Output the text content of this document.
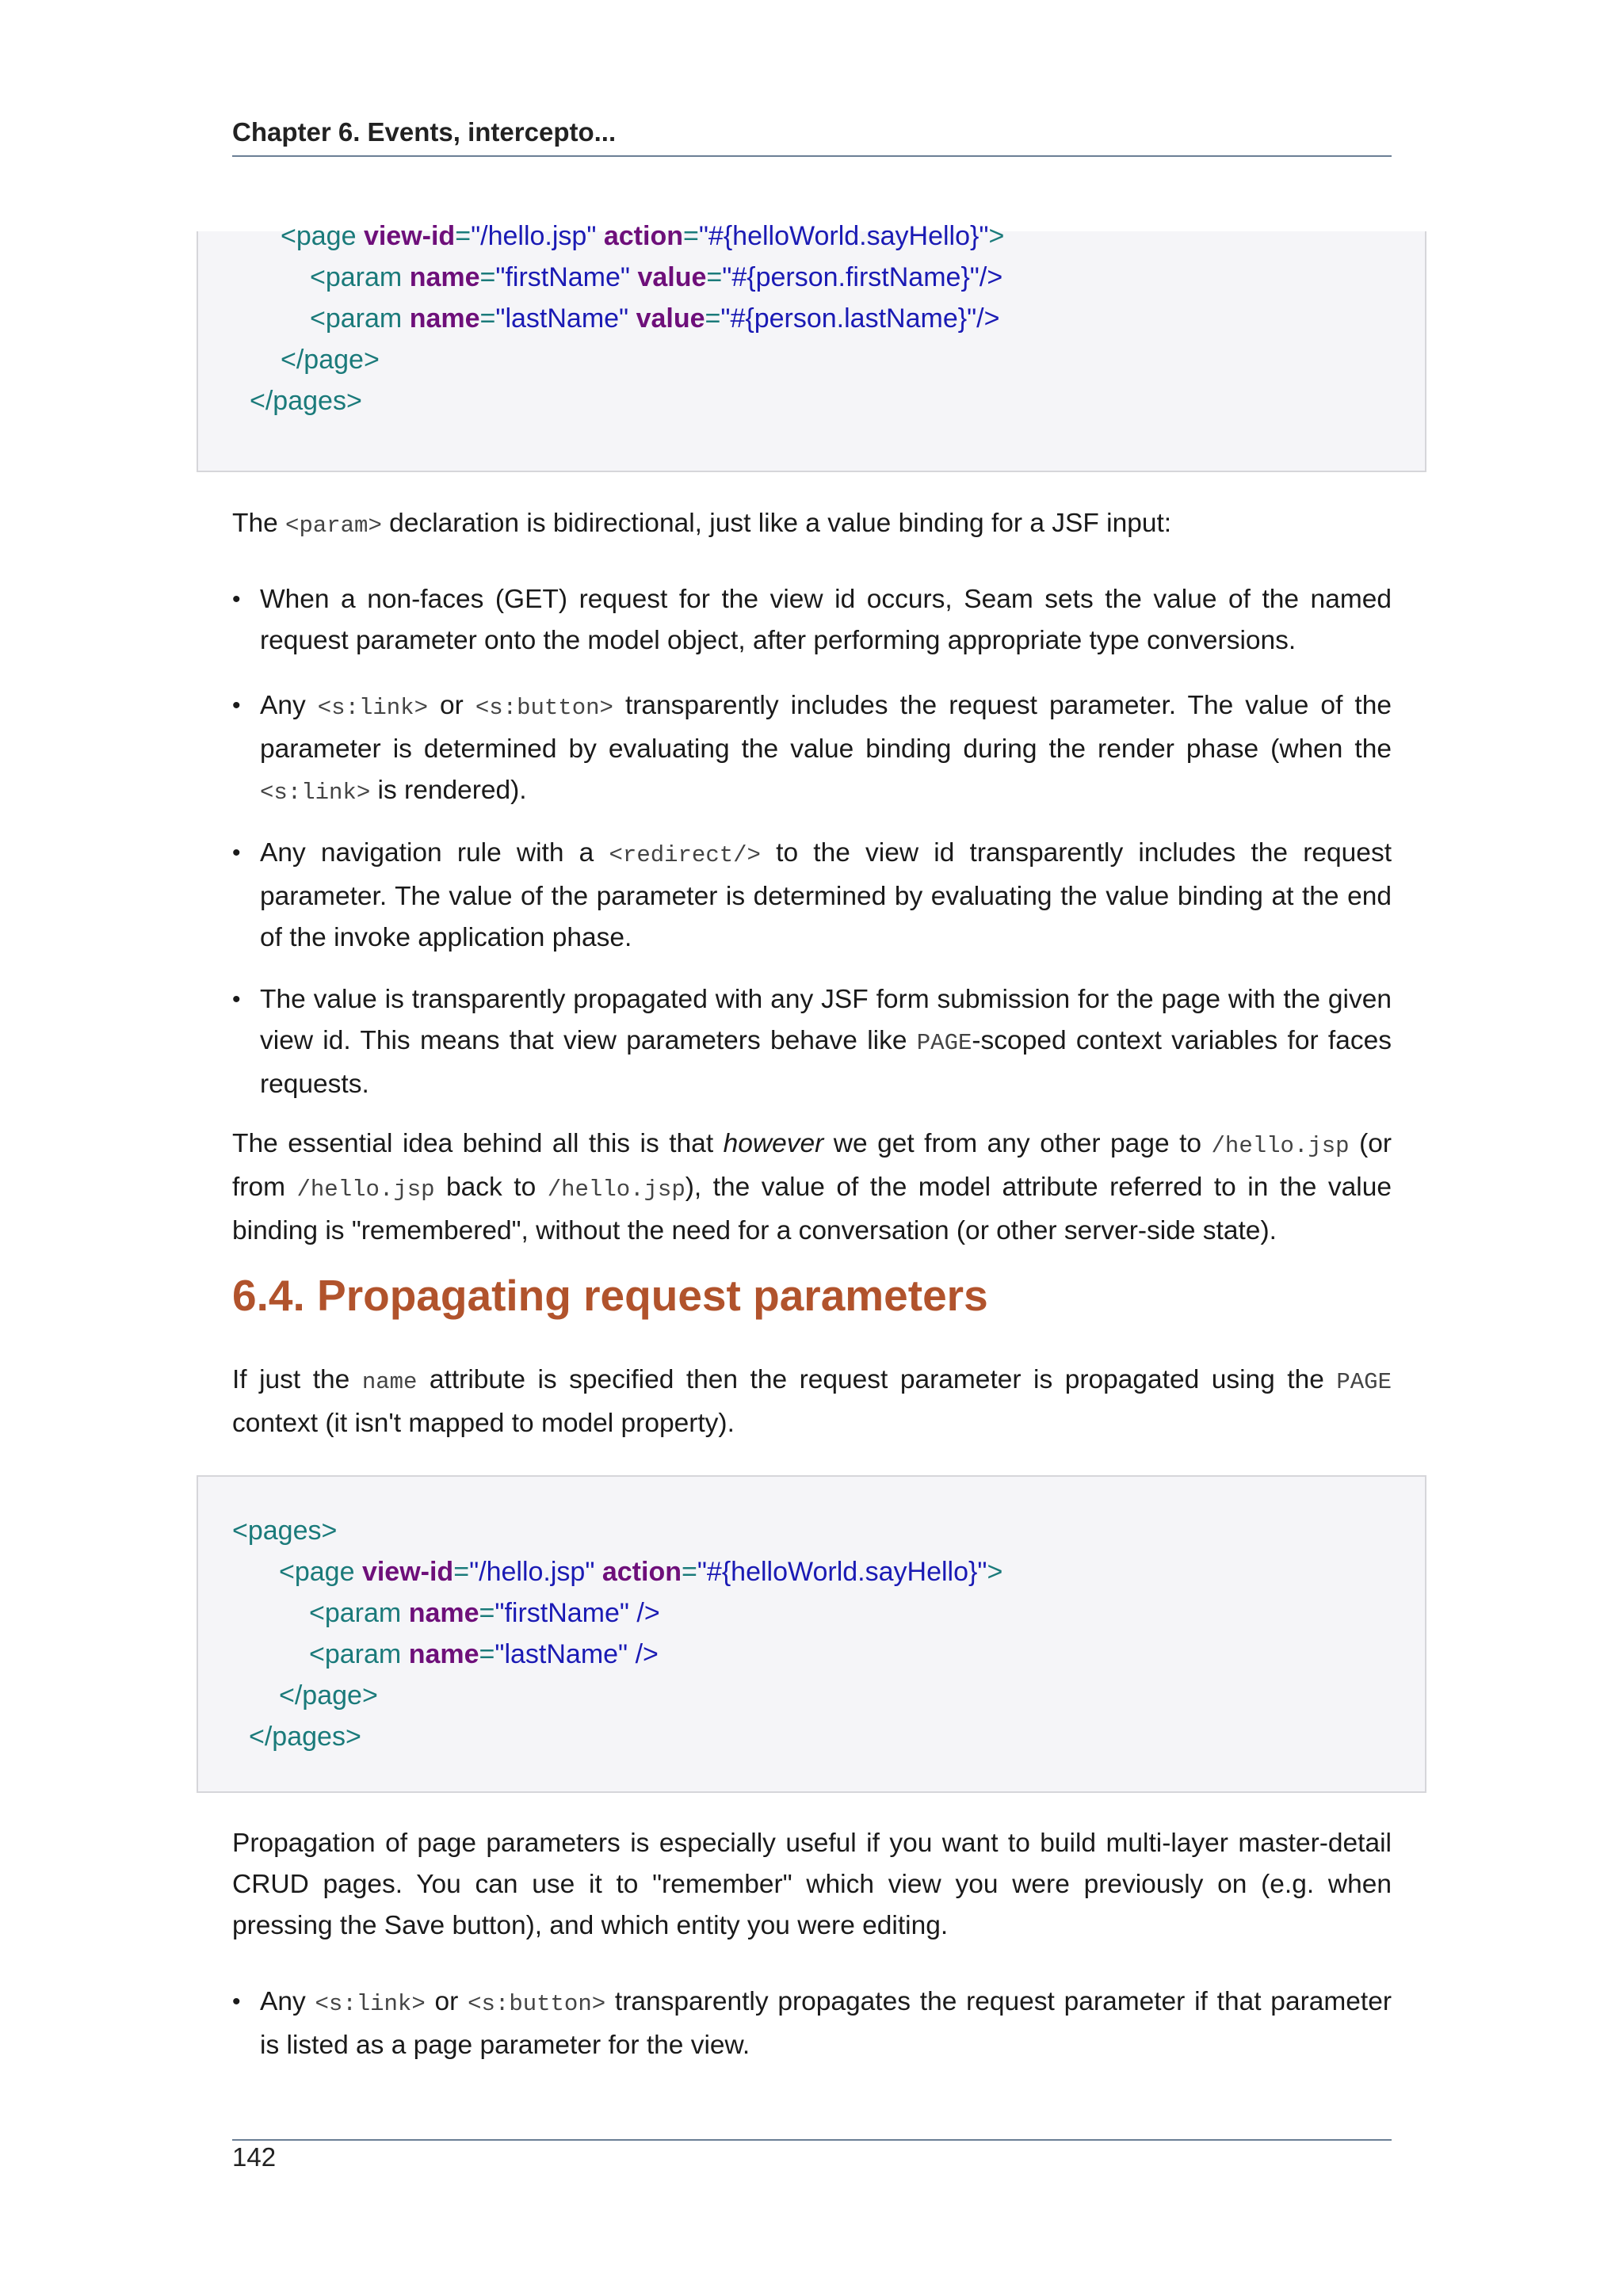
Chapter 6. Events, intercepto...
<page view-id="/hello.jsp" action="#{helloWorld.sayHello}">
<param name="firstName" value="#{person.firstName}"/>
<param name="lastName" value="#{person.lastName}"/>
</page>
</pages>
The <param> declaration is bidirectional, just like a value binding for a JSF input:
• When a non-faces (GET) request for the view id occurs, Seam sets the value of the named request parameter onto the model object, after performing appropriate type conversions.
• Any <s:link> or <s:button> transparently includes the request parameter. The value of the parameter is determined by evaluating the value binding during the render phase (when the <s:link> is rendered).
• Any navigation rule with a <redirect/> to the view id transparently includes the request parameter. The value of the parameter is determined by evaluating the value binding at the end of the invoke application phase.
• The value is transparently propagated with any JSF form submission for the page with the given view id. This means that view parameters behave like PAGE-scoped context variables for faces requests.
The essential idea behind all this is that however we get from any other page to /hello.jsp (or from /hello.jsp back to /hello.jsp), the value of the model attribute referred to in the value binding is "remembered", without the need for a conversation (or other server-side state).
6.4. Propagating request parameters
If just the name attribute is specified then the request parameter is propagated using the PAGE context (it isn't mapped to model property).
<pages>
<page view-id="/hello.jsp" action="#{helloWorld.sayHello}">
<param name="firstName" />
<param name="lastName" />
</page>
</pages>
Propagation of page parameters is especially useful if you want to build multi-layer master-detail CRUD pages. You can use it to "remember" which view you were previously on (e.g. when pressing the Save button), and which entity you were editing.
• Any <s:link> or <s:button> transparently propagates the request parameter if that parameter is listed as a page parameter for the view.
142
